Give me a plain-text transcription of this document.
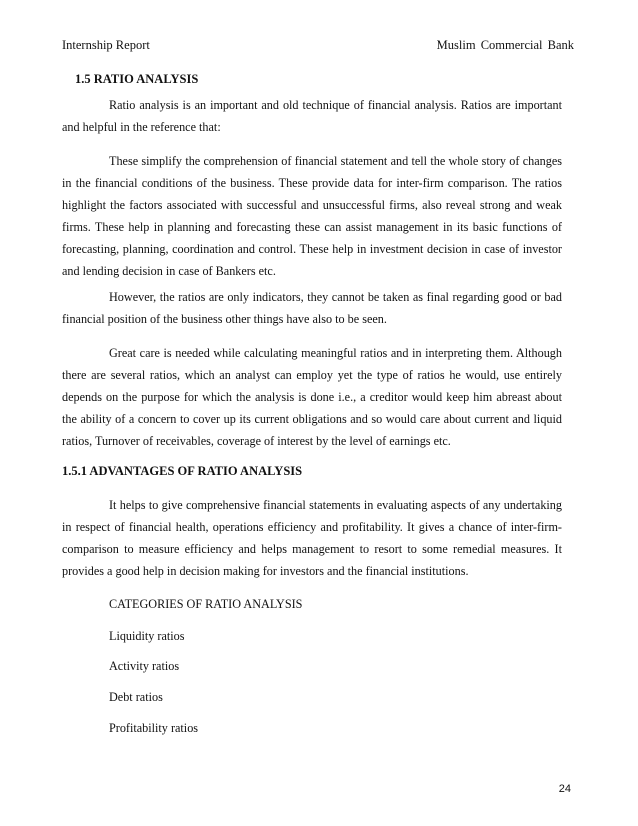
Internship Report	Muslim Commercial Bank
1.5 RATIO ANALYSIS

Ratio analysis is an important and old technique of financial analysis. Ratios are important and helpful in the reference that:

These simplify the comprehension of financial statement and tell the whole story of changes in the financial conditions of the business. These provide data for inter-firm comparison. The ratios highlight the factors associated with successful and unsuccessful firms, also reveal strong and weak firms. These help in planning and forecasting these can assist management in its basic functions of forecasting, planning, coordination and control. These help in investment decision in case of investor and lending decision in case of Bankers etc.

However, the ratios are only indicators, they cannot be taken as final regarding good or bad financial position of the business other things have also to be seen.

Great care is needed while calculating meaningful ratios and in interpreting them. Although there are several ratios, which an analyst can employ yet the type of ratios he would, use entirely depends on the purpose for which the analysis is done i.e., a creditor would keep him abreast about the ability of a concern to cover up its current obligations and so would care about current and liquid ratios, Turnover of receivables, coverage of interest by the level of earnings etc.

1.5.1 ADVANTAGES OF RATIO ANALYSIS

It helps to give comprehensive financial statements in evaluating aspects of any undertaking in respect of financial health, operations efficiency and profitability. It gives a chance of inter-firm-comparison to measure efficiency and helps management to resort to some remedial measures. It provides a good help in decision making for investors and the financial institutions.

CATEGORIES OF RATIO ANALYSIS
Liquidity ratios
Activity ratios
Debt ratios
Profitability ratios
24
